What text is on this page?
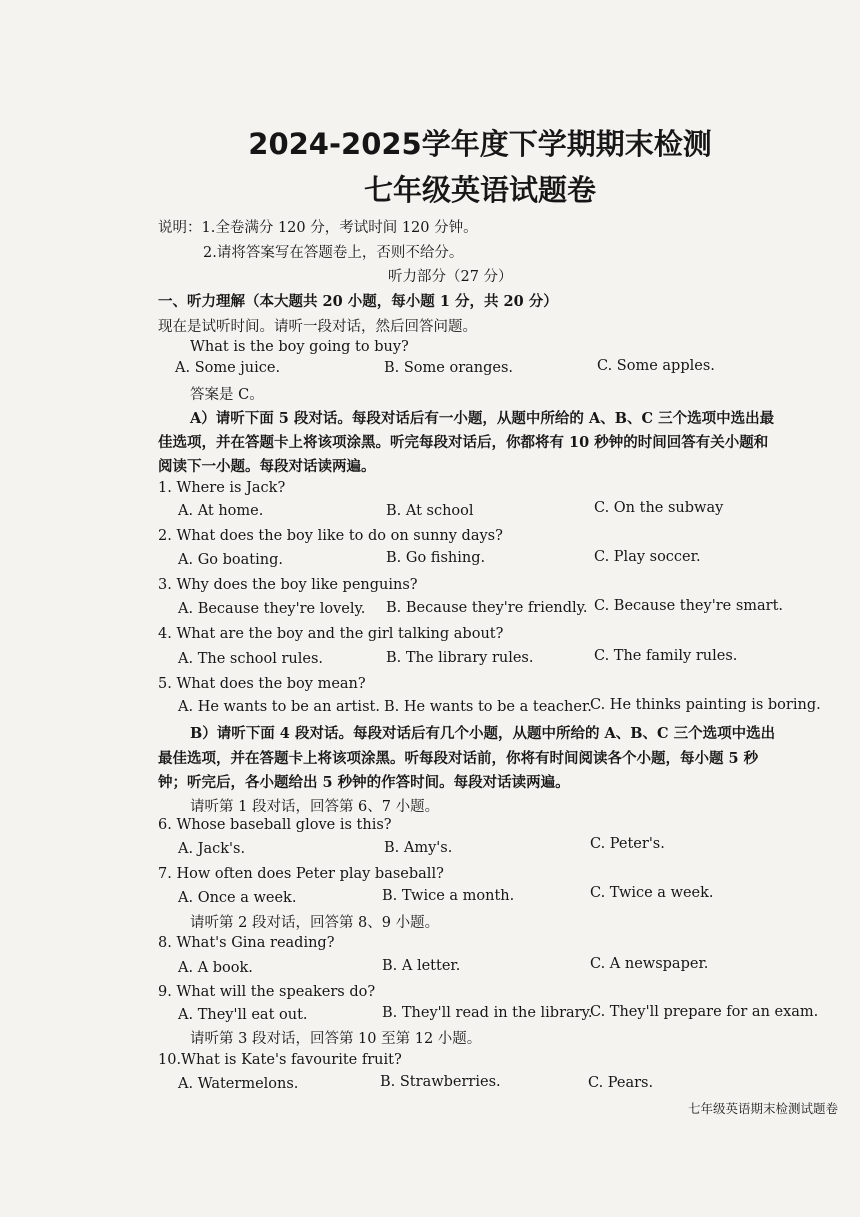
2024-2025学年度下学期期末检测
七年级英语试题卷
说明：1.全卷满分 120 分，考试时间 120 分钟。
2.请将答案写在答题卷上，否则不给分。
听力部分（27 分）
一、听力理解（本大题共 20 小题，每小题 1 分，共 20 分）
现在是试听时间。请听一段对话，然后回答问题。
What is the boy going to buy?
A. Some juice.	B. Some oranges.	C. Some apples.
答案是 C。
A）请听下面 5 段对话。每段对话后有一小题，从题中所给的 A、B、C 三个选项中选出最
佳选项，并在答题卡上将该项涂黑。听完每段对话后，你都将有 10 秒钟的时间回答有关小题和
阅读下一小题。每段对话读两遍。
1. Where is Jack?
A. At home.	B. At school	C. On the subway
2. What does the boy like to do on sunny days?
A. Go boating.	B. Go fishing.	C. Play soccer.
3. Why does the boy like penguins?
A. Because they're lovely. B. Because they're friendly. C. Because they're smart.
4. What are the boy and the girl talking about?
A. The school rules.	B. The library rules.	C. The family rules.
5. What does the boy mean?
A. He wants to be an artist. B. He wants to be a teacher.
C. He thinks painting is boring.
B）请听下面 4 段对话。每段对话后有几个小题，从题中所给的 A、B、C 三个选项中选出
最佳选项，并在答题卡上将该项涂黑。听每段对话前，你将有时间阅读各个小题，每小题 5 秒
钟；听完后，各小题给出 5 秒钟的作答时间。每段对话读两遍。
请听第 1 段对话，回答第 6、7 小题。
6. Whose baseball glove is this?
A. Jack's.	B. Amy's.	C. Peter's.
7. How often does Peter play baseball?
A. Once a week.	B. Twice a month.	C. Twice a week.
请听第 2 段对话，回答第 8、9 小题。
8. What's Gina reading?
A. A book.	B. A letter.	C. A newspaper.
9. What will the speakers do?
A. They'll eat out.	B. They'll read in the library.
C. They'll prepare for an exam.
请听第 3 段对话，回答第 10 至第 12 小题。
10.What is Kate's favourite fruit?
A. Watermelons.	B. Strawberries.	C. Pears.
七年级英语期末检测试题卷
